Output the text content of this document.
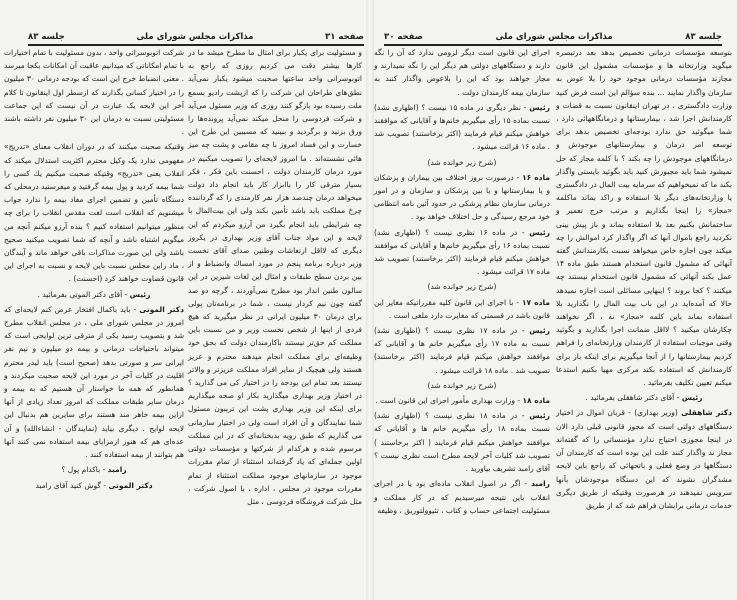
صفحه ۳۱
مذاکرات مجلس شورای ملی
جلسه ۸۳
و مسئولیت برای یکبار برای امثال ما مطرح میشد ما در کارها بیشتر دقت می کردیم روزی که راجع به اتوبوسرانی واحد ساعتها صحبت میشود یکبار نمی‌آید نطق‌های طراحان این شرکت را که ازپشت رادیو بسمع ملت رسیده بود بازگو کنند روزی که وزیر مسئول می‌آید و شرکت فردوسی را منحل میکند نمی‌آید پرونده‌ها را ورق بزنید و برگردید و ببینید که مسببین این طرح این خسارت و این فساد امروز با چه مقامی و پشت چه میز هائی نشسته‌اند . ما امروز لایحه‌ای را تصویب میکنیم در مورد درمان کارمندان دولت ، احسنت باین فکر ، فکر بسیار مترقی کار را باابزار کار باید انجام داد دولت میخواهد درمان چندصد هزار نفر کارمندی را که گرداننده چرخ مملکت باید باشد تأمین بکند ولی این بیت‌المال با چه شرایطی باید انجام بگیرد من آرزو میکردم که این لایحه و این مواد جناب آقای وزیر بهداری در یکروز دیگری که لااقل ارتعاشات وطنین صدای آقای نخست وزیر درباره برنامه پنجم در مورد امساك وانضباط و از بین بردن سطح طبقات و امثال این لغات شیرین در این سالون طنین انداز بود مطرح نمی‌آوردند ، گرچه دو صد گفته چون نیم کردار نیست ، شما در برنامه‌تان پولی برای درمان ۳۰ میلیون ایرانی در نظر میگیرید که هیچ فردی از اینها از شخص نخست وزیر و من نسبت باین مملکت کم حق‌تر نیستند باکارمندان دولت که بحق خود وظیفه‌ای برای مملکت انجام میدهند محترم و عزیز هستند ولی هیچیک از سایر افراد مملکت عزیزتر و والاتر نیستند بعد تمام این بودجه را در اختیار کی می گذارید ؟ در اختیار وزیر بهداری میگذارید بکار او صحه میگذاریم برای اینکه این وزیر بهداری پشت این تریبون مسئول شما نمایندگان و آن افراد است ولی در اختیار سازمانی می گذاریم که طبق رویه بدبختانه‌ای که در این مملکت مرسوم شده و هرکدام از شرکتها و مؤسسات دولتی اولین جمله‌ای که یاد گرفته‌اند استثناء از تمام مقررات موجود در سازمانهای موجود مملکت استثناء از تمام مقررات موجود در مجلس ، اداره ، با اصول شرکت ، مثل شرکت فروشگاه فردوسی ، مثل
شرکت اتوبوسرانی واحد ، بدون مسئولیت با تمام اختیارات با تمام امکاناتی که میدانیم عاقبت آن امکانات بکجا میرسد . معنی انضباط خرج این است که بودجه درمانی ۳۰ میلیون را در اختیار کسانی بگذارند که ازسطر اول اینقانون تا کلام آخر این لایحه یک عبارت در آن نیست که این جماعت مسئولیتی نسبت به درمان این ۳۰ میلیون نفر داشته باشند .
وقتیکه صحبت میکنند که در دوران انقلاب معنای «تدریج» مفهومی ندارد یک وکیل محترم اکثریت استدلال میکند که انقلاب یعنی «تدریج» وقتیکه صحبت میکنیم یك کسی را شما بیمه کردید و پول بیمه گرفتید و میفرستید درمحلی که دستگاه تأمین و تضمین اجرای مفاد بیمه را ندارد جواب میشنویم که انقلاب است لغت مقدس انقلاب را برای چه منظور میتوانیم استفاده کنیم ؟ بنده آرزو میکنم آنچه من میگویم اشتباه باشد و آنچه که شما تصویب میکنید صحیح باشد ولی این صورت مذاکرات باقی خواهد ماند و آیندگان ، ماد راین مجلس نسبت باین لایحه و نسبت به اجرای این قانون قضاوت خواهند کرد (احسنت) .
رئیس - آقای دکتر الموتی بفرمائید .
دکتر الموتی - باید باکمال افتخار عرض کنم لایحه‌ای که امروز در مجلس شورای ملی ، در مجلس انقلاب مطرح شد و بتصویب رسید یکی از مترقی ترین لوایحی است که میتواند باحتیاجات درمانی و بیمه دو میلیون و نیم نفر ایرانی سر و صورتی بدهد (صحیح است) باید لیدر محترم اقلیت در کلیات آخر در مورد این لایحه صحبت میکردند و همانطور که همه ما خواستار آن هستیم که به بیمه و درمان سایر طبقات مملکت که امروز تعداد زیادی از آنها ازاین بیمه خاهر مند هستند برای سایرین هم بدنبال این لایحه لوایح . دیگری بیاید (نمایندگان - انشاءالله) و آن عده‌ای هم که هنوز ازمزایای بیمه استفاده نمی کنند آنها هم بتوانند از بیمه استفاده کنند .
رامبد - باکدام پول ؟
دکتر الموتی - گوش کنید آقای رامبد
جلسه ۸۳
مذاکرات مجلس شورای ملی
صفحه ۳۰
بتوسعه مؤسسات درمانی تخصیص بدهد بعد درتبصره میگوید وزارتخانه ها و مؤسسات مشمول این قانون مجازند مؤسسات درمانی موجود خود را بلا عوض به سازمان واگذار نمایند ... بنده سؤالم این است فرض کنید وزارت دادگستری ، در تهران اینقانون نسبت به قضات و کارمندانش اجرا شد ، بیمارستانها و درمانگاههائی دارد ، شما میگوئید حق ندارد بودجه‌ای تخصیص بدهد برای توسعه امر درمان و بیمارستانهای موجودش و درمانگاههای موجودش را چه بکند ؟ با کلمه مجاز که حل نمیشود شما باید مجبورش کنید باید بگوئید بایستی واگذار بکند ما که نمیخواهیم که سرمایه بیت المال در دادگستری یا وزارتخانه‌های دیگر بلا استفاده و راکد بماند ماکلمه «مجاز» را اینجا بگذاریم و مرتب خرج تعمیر و ساختمانش بکنیم بعد بلا استفاده بماند و باز پیش بینی نکردید راجع باموال آنها که اگر واگذار کرد اموالش را چه میکند چون اجازه خاص میخواهد نسبت بکارمندانش گفته آنهائی که مشمول قانون استخدام هستند طبق ماده ۱۴ عمل بکند آنهائی که مشمول قانون استخدام نیستند چه میکنند ؟ کجا بروند ؟ اینهایی مسائلی است اجازه نمیدهد حالا که آمده‌اید در این باب بیت المال را نگذارید بلا استفاده بماند باین کلمه «مجاز» نه ، اگر نخواهند چکارشان میکنید ؟ لااقل ضمانت اجرا بگذارید و بگوئید وقتی موجبات استفاده از کارمندان وزارتخانه‌ای را فراهم کردیم بیمارستانها را از آنجا میگیریم برای اینکه باز برای کارمندانش که استفاده بکند مرکزی مهیا بکنیم استدعا میکنم تعیین تکلیف بفرمائید .
رئیس - آقای دکتر شاهقلی بفرمائید .
دکتر شاهقلی (وزیر بهداری) - قربان اموال در اختیار دستگاههای دولتی است که مجوز قانونی قبلی دارد الان در اینجا مجوزی احتیاج ندارد مؤسساتی را که گفته‌اند مجاز ند واگذار کنند علت این بوده است که کارمندان آن دستگاهها در وضع فعلی و باتحهائی که راجع باین لایحه مشدگران نشوند که این دستگاه موجودشان بآنها سرویس نمیدهند در هرصورت وقتیکه از طریق دیگری خدمات درمانی برایشان فراهم شد که از طریق
اجرای این قانون است دیگر لزومی ندارد که آن را نگه دارند و دستگاههای دولتی هم دیگر این را نگه نمیدارند و مجاز خواهند بود که این را بلاعوض واگذار کنند به سازمان بیمه کارمندان دولت .
رئیس - نظر دیگری در ماده ۱۵ نیست ؟ (اظهاری نشد) نسبت بماده ۱۵ رأی میگیریم خانم‌ها و آقایانی که موافقند خواهش میکنم قیام فرمایند (اکثر برخاستند) تصویب شد . ماده ۱۶ قرائت میشود .
(شرح زیر خوانده شد)
ماده ۱۶ - درصورت بروز اختلاف بین بیماران و پزشکان و یا بیمارستانها و یا بین پزشکان و سازمان و در امور درمانی سازمان نظام پزشکی در حدود آئین نامه انتظامی خود مرجع رسیدگی و حل اختلاف خواهد بود .
رئیس - در ماده ۱۶ نظری نیست ؟ (اظهاری نشد) نسبت بماده ۱۶ رأی میگیریم خانم‌ها و آقایانی که موافقند خواهش میکنم قیام فرمایند (اکثر برخاستند) تصویب شد ماده ۱۷ قرائت میشود .
(شرح زیر خوانده شد)
ماده ۱۷ - با اجرای این قانون کلیه مقرراتیکه مغایر این قانون باشد در قسمتی که مغایرت دارد ملغی است .
رئیس - در ماده ۱۷ نظری نیست ؟ (اظهاری نشد) نسبت به ماده ۱۷ رأی میگیریم خانم ها و آقایانی که موافقند خواهش میکنم قیام فرمایند (اکثر برخاستند) تصویب شد . ماده ۱۸ قرائت میشود .
(شرح زیر خوانده شد)
ماده ۱۸ - وزارت بهداری مأمور اجرای این قانون است .
رئیس - در ماده ۱۸ نظری نیست ؟ (اظهاری نشد) نسبت بماده ۱۸ رأی میگیریم خانم ها و آقایانی که موافقند خواهش میکنم قیام فرمایند ( اکثر برخاستند ) تصویب شد کلیات آخر لایحه مطرح است نظری نیست ؟ آقای رامبد تشریف بیاورید .
رامبد - اگر در اصول انقلاب ماده‌ای بود یا در اجرای انقلاب باین نتیجه میرسیدیم که در کار مملکت و مسئولیت اجتماعی حساب و کتاب ، تئیوولتوریق ، وظیفه
